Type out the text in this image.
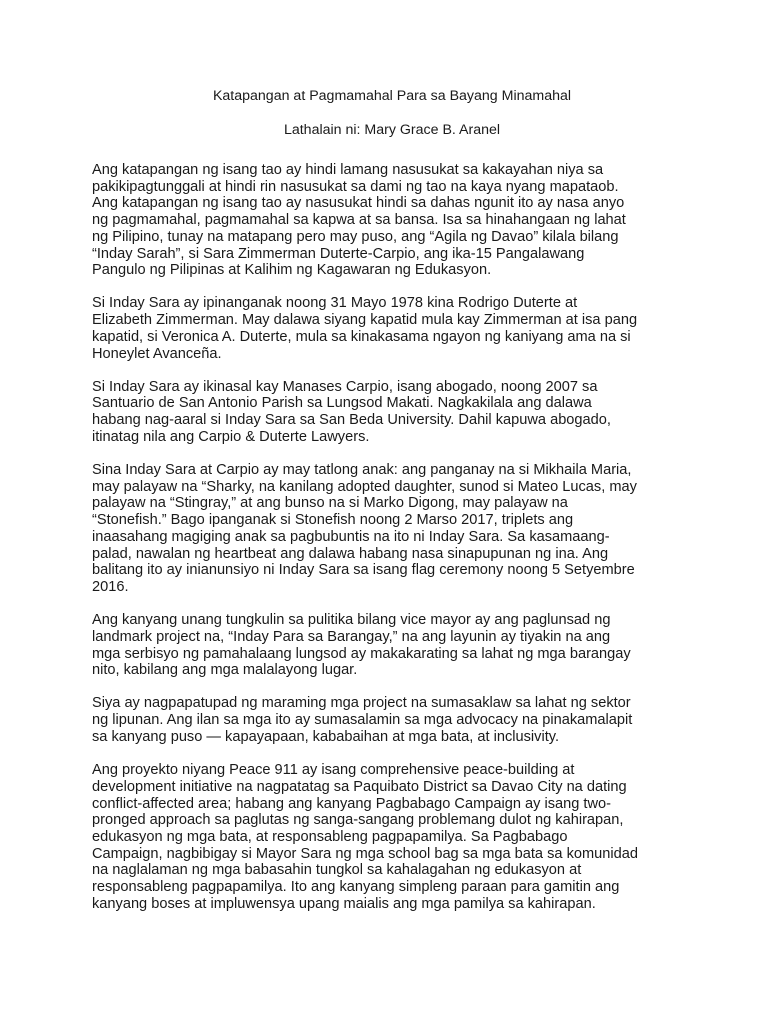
Katapangan at Pagmamahal Para sa Bayang Minamahal
Lathalain ni: Mary Grace B. Aranel
Ang katapangan ng isang tao ay hindi lamang nasusukat sa kakayahan niya sa
pakikipagtunggali at hindi rin nasusukat sa dami ng tao na kaya nyang mapataob.
Ang katapangan ng isang tao ay nasusukat hindi sa dahas ngunit ito ay nasa anyo
ng pagmamahal, pagmamahal sa kapwa at sa bansa. Isa sa hinahangaan ng lahat
ng Pilipino, tunay na matapang pero may puso, ang “Agila ng Davao” kilala bilang
“Inday Sarah”, si Sara Zimmerman Duterte-Carpio, ang ika-15 Pangalawang
Pangulo ng Pilipinas at Kalihim ng Kagawaran ng Edukasyon.
Si Inday Sara ay ipinanganak noong 31 Mayo 1978 kina Rodrigo Duterte at
Elizabeth Zimmerman. May dalawa siyang kapatid mula kay Zimmerman at isa pang
kapatid, si Veronica A. Duterte, mula sa kinakasama ngayon ng kaniyang ama na si
Honeylet Avanceña.
Si Inday Sara ay ikinasal kay Manases Carpio, isang abogado, noong 2007 sa
Santuario de San Antonio Parish sa Lungsod Makati. Nagkakilala ang dalawa
habang nag-aaral si Inday Sara sa San Beda University. Dahil kapuwa abogado,
itinatag nila ang Carpio & Duterte Lawyers.
Sina Inday Sara at Carpio ay may tatlong anak: ang panganay na si Mikhaila Maria,
may palayaw na “Sharky, na kanilang adopted daughter, sunod si Mateo Lucas, may
palayaw na “Stingray,” at ang bunso na si Marko Digong, may palayaw na
“Stonefish.” Bago ipanganak si Stonefish noong 2 Marso 2017, triplets ang
inaasahang magiging anak sa pagbubuntis na ito ni Inday Sara. Sa kasamaang-
palad, nawalan ng heartbeat ang dalawa habang nasa sinapupunan ng ina. Ang
balitang ito ay inianunsiyo ni Inday Sara sa isang flag ceremony noong 5 Setyembre
2016.
Ang kanyang unang tungkulin sa pulitika bilang vice mayor ay ang paglunsad ng
landmark project na, “Inday Para sa Barangay,” na ang layunin ay tiyakin na ang
mga serbisyo ng pamahalaang lungsod ay makakarating sa lahat ng mga barangay
nito, kabilang ang mga malalayong lugar.
Siya ay nagpapatupad ng maraming mga project na sumasaklaw sa lahat ng sektor
ng lipunan. Ang ilan sa mga ito ay sumasalamin sa mga advocacy na pinakamalapit
sa kanyang puso — kapayapaan, kababaihan at mga bata, at inclusivity.
Ang proyekto niyang Peace 911 ay isang comprehensive peace-building at
development initiative na nagpatatag sa Paquibato District sa Davao City na dating
conflict-affected area; habang ang kanyang Pagbabago Campaign ay isang two-
pronged approach sa paglutas ng sanga-sangang problemang dulot ng kahirapan,
edukasyon ng mga bata, at responsableng pagpapamilya. Sa Pagbabago
Campaign, nagbibigay si Mayor Sara ng mga school bag sa mga bata sa komunidad
na naglalaman ng mga babasahin tungkol sa kahalagahan ng edukasyon at
responsableng pagpapamilya. Ito ang kanyang simpleng paraan para gamitin ang
kanyang boses at impluwensya upang maialis ang mga pamilya sa kahirapan.
